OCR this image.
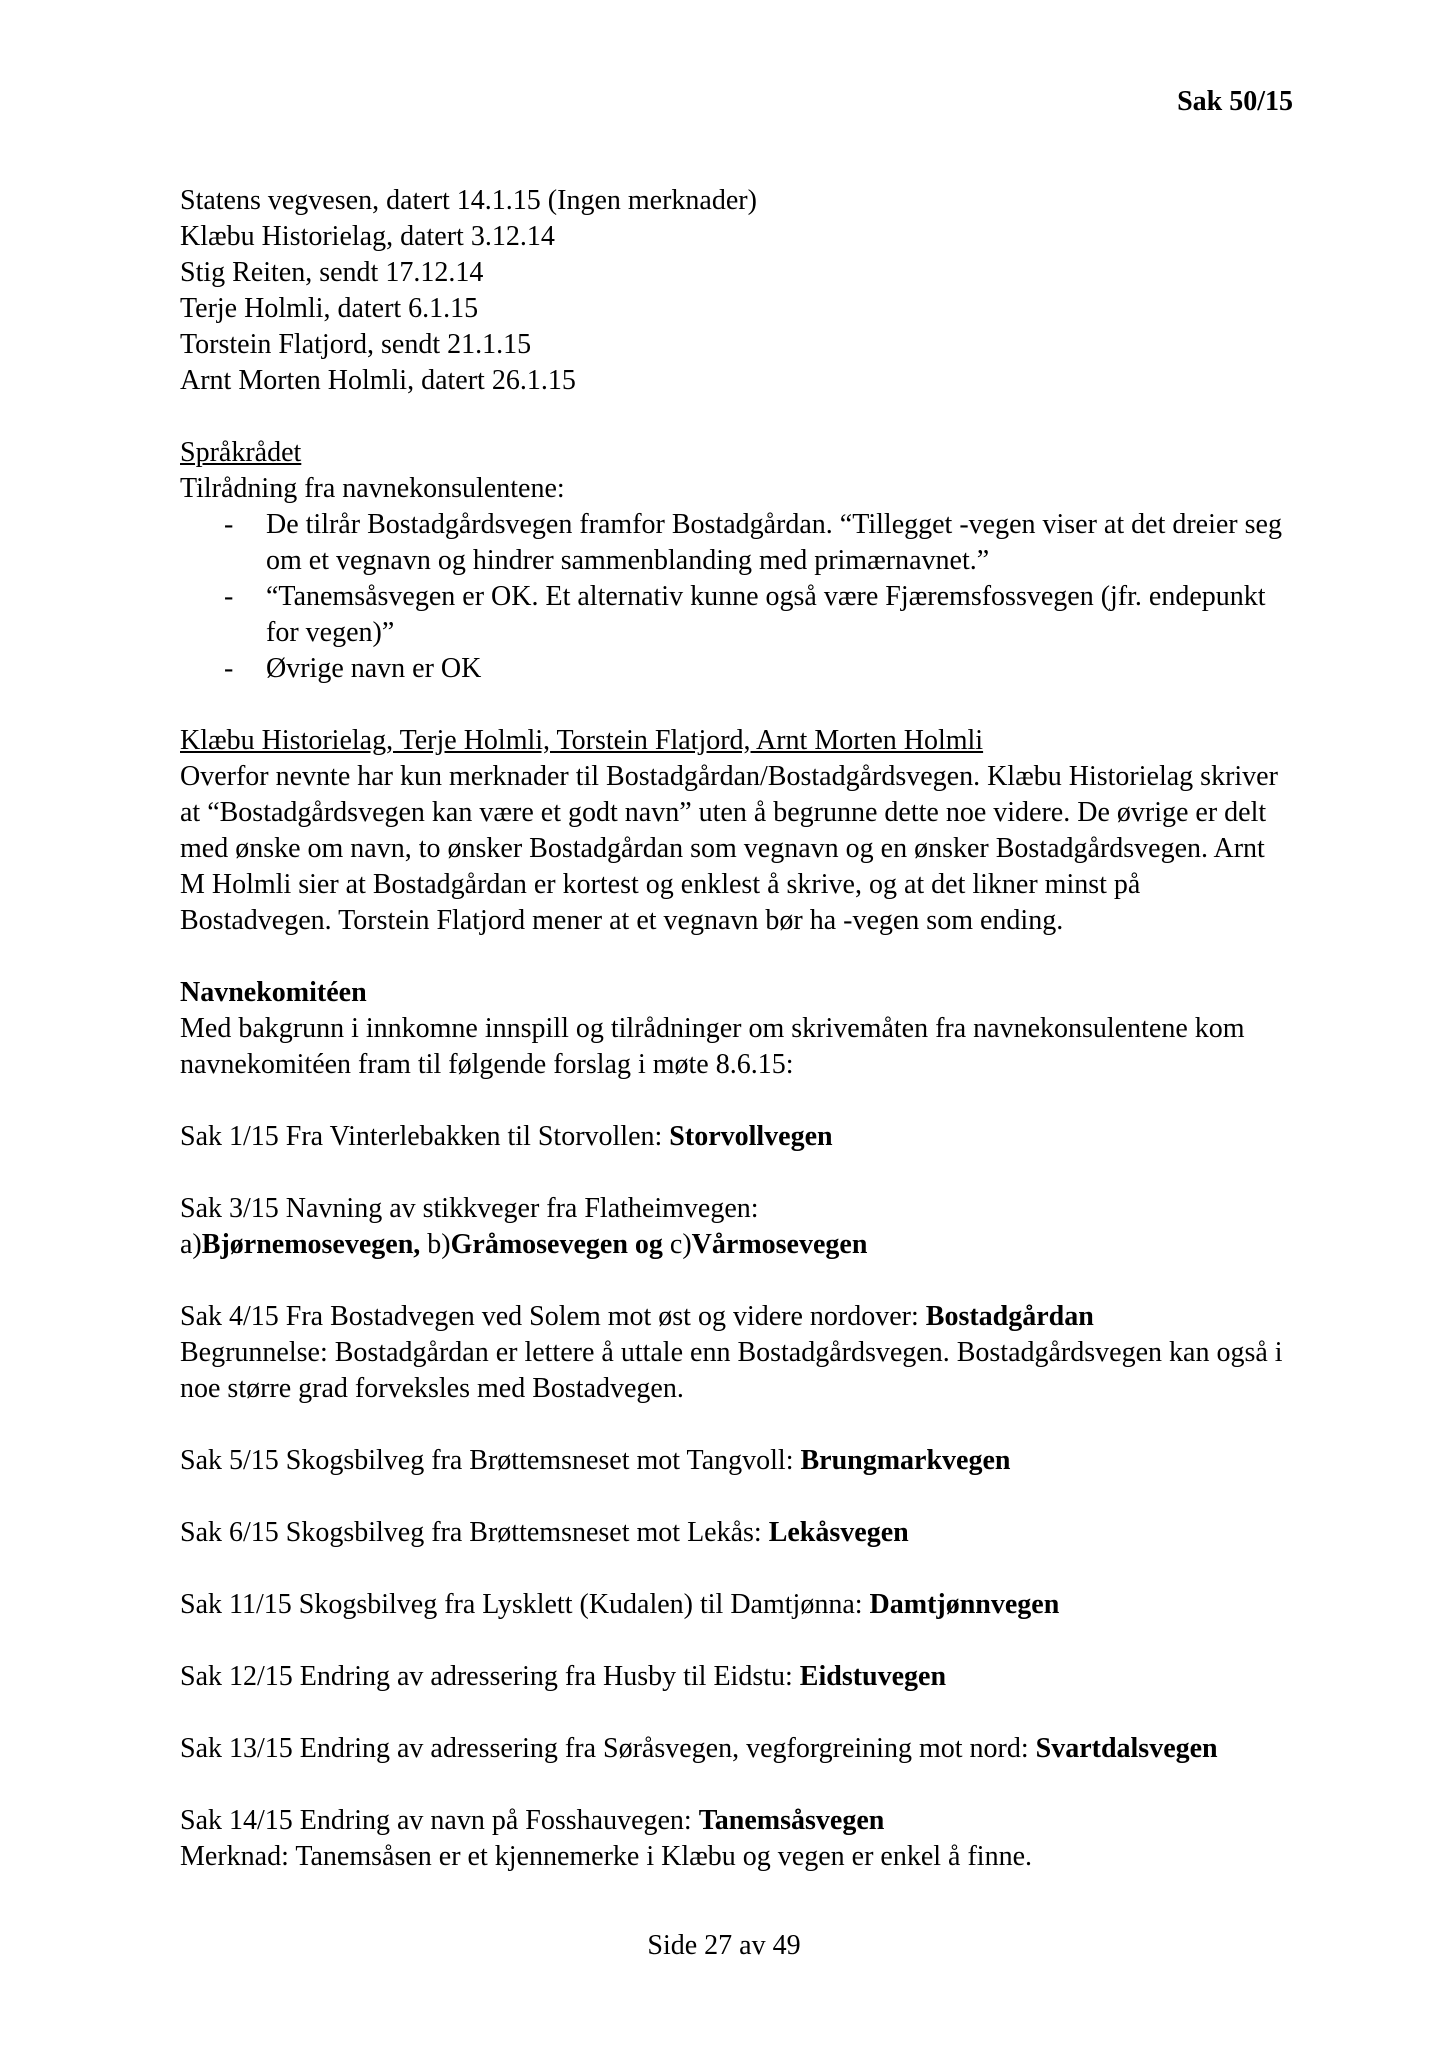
Sak 50/15

Statens vegvesen, datert 14.1.15 (Ingen merknader)

Klæbu Historielag, datert 3.12.14

Stig Reiten, sendt 17.12.14

Terje Holmli, datert 6.1.15

Torstein Flatjord, sendt 21.1.15

Arnt Morten Holmli, datert 26.1.15

Språkrådet

Tilrådning fra navnekonsulentene:

- De tilrår Bostadgårdsvegen framfor Bostadgårdan. “Tillegget -vegen viser at det dreier seg om et vegnavn og hindrer sammenblanding med primærnavnet.”
- “Tanemsåsvegen er OK. Et alternativ kunne også være Fjæremsfossvegen (jfr. endepunkt for vegen)”
- Øvrige navn er OK

Klæbu Historielag, Terje Holmli, Torstein Flatjord, Arnt Morten Holmli

Overfor nevnte har kun merknader til Bostadgårdan/Bostadgårdsvegen. Klæbu Historielag skriver at “Bostadgårdsvegen kan være et godt navn” uten å begrunne dette noe videre. De øvrige er delt med ønske om navn, to ønsker Bostadgårdan som vegnavn og en ønsker Bostadgårdsvegen. Arnt M Holmli sier at Bostadgårdan er kortest og enklest å skrive, og at det likner minst på Bostadvegen. Torstein Flatjord mener at et vegnavn bør ha -vegen som ending.

Navnekomitéen

Med bakgrunn i innkomne innspill og tilrådninger om skrivemåten fra navnekonsulentene kom navnekomitéen fram til følgende forslag i møte 8.6.15:

Sak 1/15 Fra Vinterlebakken til Storvollen: Storvollvegen

Sak 3/15 Navning av stikkveger fra Flatheimvegen:

a)Bjørnemosevegen, b)Gråmosevegen og c)Vårmosevegen

Sak 4/15 Fra Bostadvegen ved Solem mot øst og videre nordover: Bostadgårdan

Begrunnelse: Bostadgårdan er lettere å uttale enn Bostadgårdsvegen. Bostadgårdsvegen kan også i noe større grad forveksles med Bostadvegen.

Sak 5/15 Skogsbilveg fra Brøttemsneset mot Tangvoll: Brungmarkvegen

Sak 6/15 Skogsbilveg fra Brøttemsneset mot Lekås: Lekåsvegen

Sak 11/15 Skogsbilveg fra Lysklett (Kudalen) til Damtjønna: Damtjønnvegen

Sak 12/15 Endring av adressering fra Husby til Eidstu: Eidstuvegen

Sak 13/15 Endring av adressering fra Søråsvegen, vegforgreining mot nord: Svartdalsvegen

Sak 14/15 Endring av navn på Fosshauvegen: Tanemsåsvegen

Merknad: Tanemsåsen er et kjennemerke i Klæbu og vegen er enkel å finne.

Side 27 av 49
